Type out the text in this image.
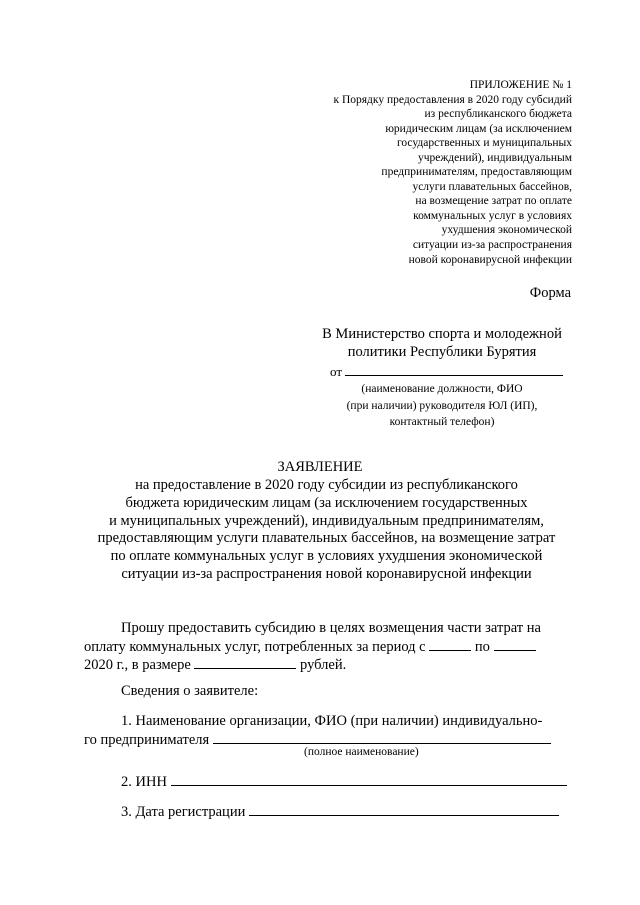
ПРИЛОЖЕНИЕ № 1
к Порядку предоставления в 2020 году субсидий
из республиканского бюджета
юридическим лицам (за исключением
государственных и муниципальных
учреждений), индивидуальным
предпринимателям, предоставляющим
услуги плавательных бассейнов,
на возмещение затрат по оплате
коммунальных услуг в условиях
ухудшения экономической
ситуации из-за распространения
новой коронавирусной инфекции
Форма
В Министерство спорта и молодежной
политики Республики Бурятия
от
(наименование должности, ФИО
(при наличии) руководителя ЮЛ (ИП),
контактный телефон)
ЗАЯВЛЕНИЕ
на предоставление в 2020 году субсидии из республиканского
бюджета юридическим лицам (за исключением государственных
и муниципальных учреждений), индивидуальным предпринимателям,
предоставляющим услуги плавательных бассейнов, на возмещение затрат
по оплате коммунальных услуг в условиях ухудшения экономической
ситуации из-за распространения новой коронавирусной инфекции
Прошу предоставить субсидию в целях возмещения части затрат на
оплату коммунальных услуг, потребленных за период с	по
2020 г., в размере	рублей.
Сведения о заявителе:
1. Наименование организации, ФИО (при наличии) индивидуально-
го предпринимателя
(полное наименование)
2. ИНН
3. Дата регистрации
